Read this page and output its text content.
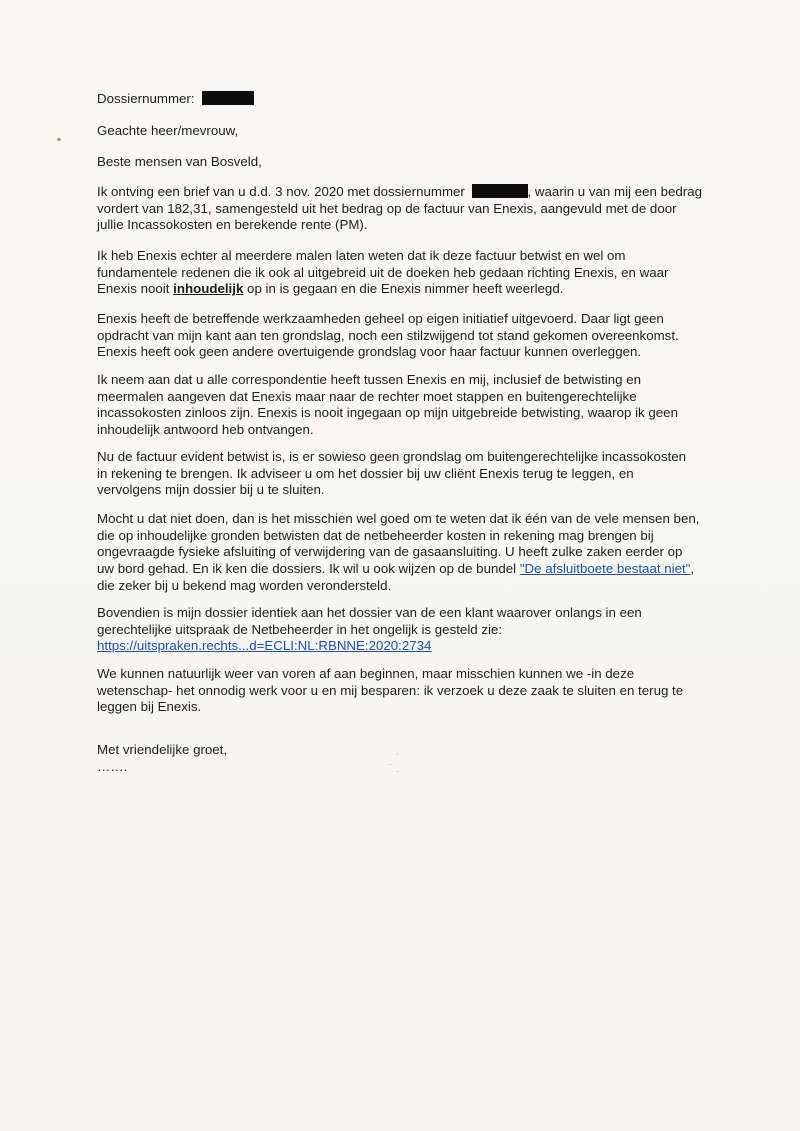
ˎ
⁻ ˍ
Dossiernummer:
Geachte heer/mevrouw,
Beste mensen van Bosveld,
Ik ontving een brief van u d.d. 3 nov. 2020 met dossiernummer	, waarin u van mij een bedrag
vordert van 182,31, samengesteld uit het bedrag op de factuur van Enexis, aangevuld met de door
jullie Incassokosten en berekende rente (PM).
Ik heb Enexis echter al meerdere malen laten weten dat ik deze factuur betwist en wel om
fundamentele redenen die ik ook al uitgebreid uit de doeken heb gedaan richting Enexis, en waar
Enexis nooit inhoudelijk op in is gegaan en die Enexis nimmer heeft weerlegd.
Enexis heeft de betreffende werkzaamheden geheel op eigen initiatief uitgevoerd. Daar ligt geen
opdracht van mijn kant aan ten grondslag, noch een stilzwijgend tot stand gekomen overeenkomst.
Enexis heeft ook geen andere overtuigende grondslag voor haar factuur kunnen overleggen.
Ik neem aan dat u alle correspondentie heeft tussen Enexis en mij, inclusief de betwisting en
meermalen aangeven dat Enexis maar naar de rechter moet stappen en buitengerechtelijke
incassokosten zinloos zijn. Enexis is nooit ingegaan op mijn uitgebreide betwisting, waarop ik geen
inhoudelijk antwoord heb ontvangen.
Nu de factuur evident betwist is, is er sowieso geen grondslag om buitengerechtelijke incassokosten
in rekening te brengen. Ik adviseer u om het dossier bij uw cliënt Enexis terug te leggen, en
vervolgens mijn dossier bij u te sluiten.
Mocht u dat niet doen, dan is het misschien wel goed om te weten dat ik één van de vele mensen ben,
die op inhoudelijke gronden betwisten dat de netbeheerder kosten in rekening mag brengen bij
ongevraagde fysieke afsluiting of verwijdering van de gasaansluiting. U heeft zulke zaken eerder op
uw bord gehad. En ik ken die dossiers. Ik wil u ook wijzen op de bundel "De afsluitboete bestaat niet",
die zeker bij u bekend mag worden verondersteld.
Bovendien is mijn dossier identiek aan het dossier van de een klant waarover onlangs in een
gerechtelijke uitspraak de Netbeheerder in het ongelijk is gesteld zie:
https://uitspraken.rechts...d=ECLI:NL:RBNNE:2020:2734
We kunnen natuurlijk weer van voren af aan beginnen, maar misschien kunnen we -in deze
wetenschap- het onnodig werk voor u en mij besparen: ik verzoek u deze zaak te sluiten en terug te
leggen bij Enexis.
Met vriendelijke groet,
…….
